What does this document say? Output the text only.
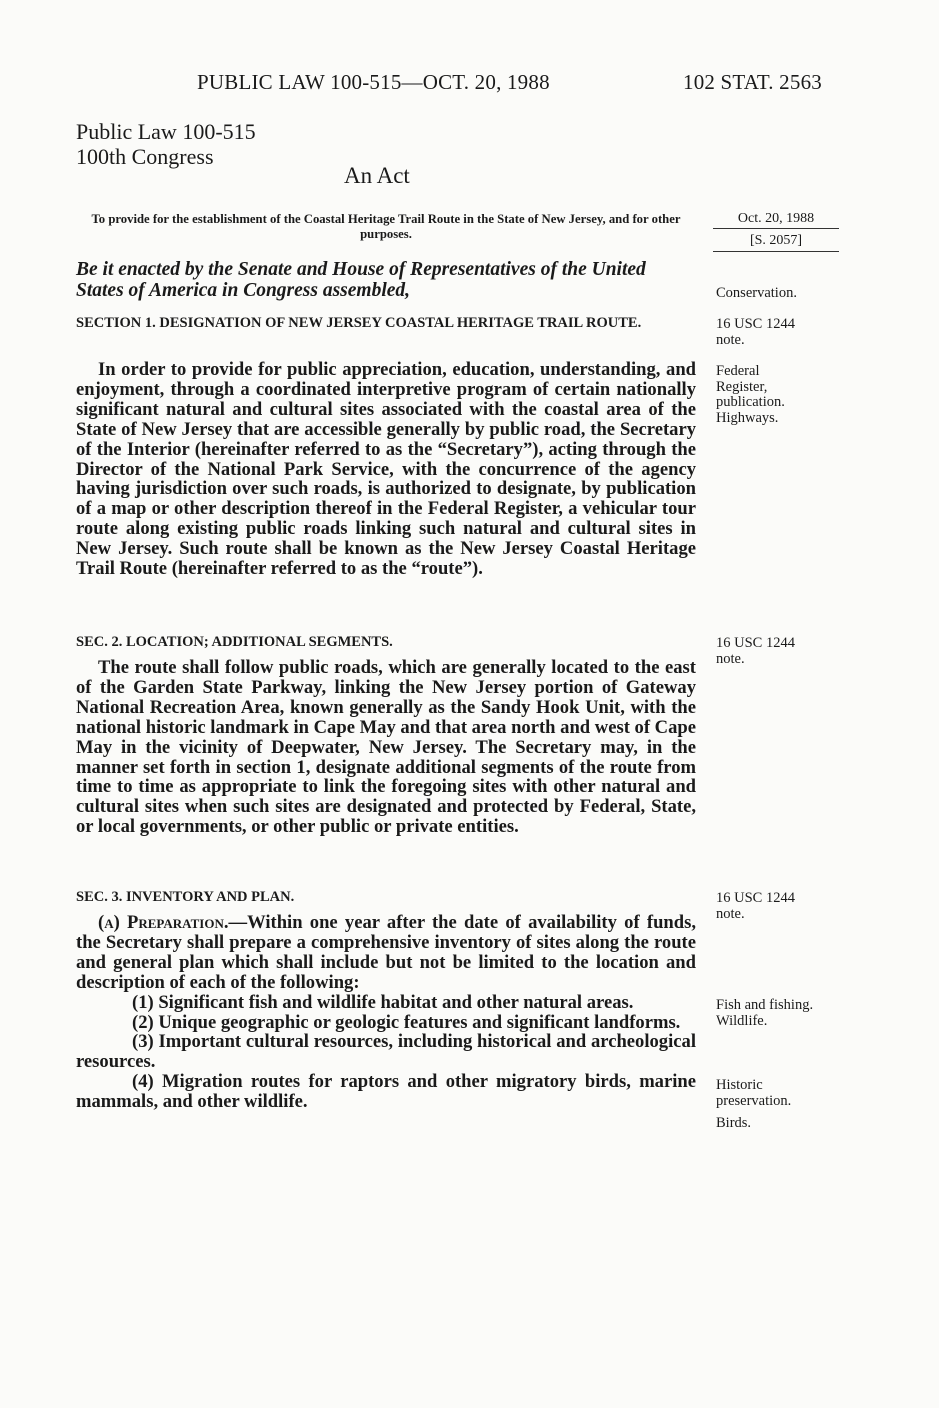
PUBLIC LAW 100-515—OCT. 20, 1988	102 STAT. 2563
Public Law 100-515
100th Congress
An Act
To provide for the establishment of the Coastal Heritage Trail Route in the State of New Jersey, and for other purposes.
Oct. 20, 1988
[S. 2057]
Be it enacted by the Senate and House of Representatives of the United States of America in Congress assembled,
SECTION 1. DESIGNATION OF NEW JERSEY COASTAL HERITAGE TRAIL ROUTE.

In order to provide for public appreciation, education, understanding, and enjoyment, through a coordinated interpretive program of certain nationally significant natural and cultural sites associated with the coastal area of the State of New Jersey that are accessible generally by public road, the Secretary of the Interior (hereinafter referred to as the “Secretary”), acting through the Director of the National Park Service, with the concurrence of the agency having jurisdiction over such roads, is authorized to designate, by publication of a map or other description thereof in the Federal Register, a vehicular tour route along existing public roads linking such natural and cultural sites in New Jersey. Such route shall be known as the New Jersey Coastal Heritage Trail Route (hereinafter referred to as the “route”).

SEC. 2. LOCATION; ADDITIONAL SEGMENTS.

The route shall follow public roads, which are generally located to the east of the Garden State Parkway, linking the New Jersey portion of Gateway National Recreation Area, known generally as the Sandy Hook Unit, with the national historic landmark in Cape May and that area north and west of Cape May in the vicinity of Deepwater, New Jersey. The Secretary may, in the manner set forth in section 1, designate additional segments of the route from time to time as appropriate to link the foregoing sites with other natural and cultural sites when such sites are designated and protected by Federal, State, or local governments, or other public or private entities.

SEC. 3. INVENTORY AND PLAN.

(a) Preparation.—Within one year after the date of availability of funds, the Secretary shall prepare a comprehensive inventory of sites along the route and general plan which shall include but not be limited to the location and description of each of the following:

(1) Significant fish and wildlife habitat and other natural areas.

(2) Unique geographic or geologic features and significant landforms.

(3) Important cultural resources, including historical and archeological resources.

(4) Migration routes for raptors and other migratory birds, marine mammals, and other wildlife.

Conservation.
16 USC 1244 note.
Federal Register, publication.
Highways.
16 USC 1244 note.
16 USC 1244 note.
Fish and fishing.
Wildlife.
Historic preservation.
Birds.
